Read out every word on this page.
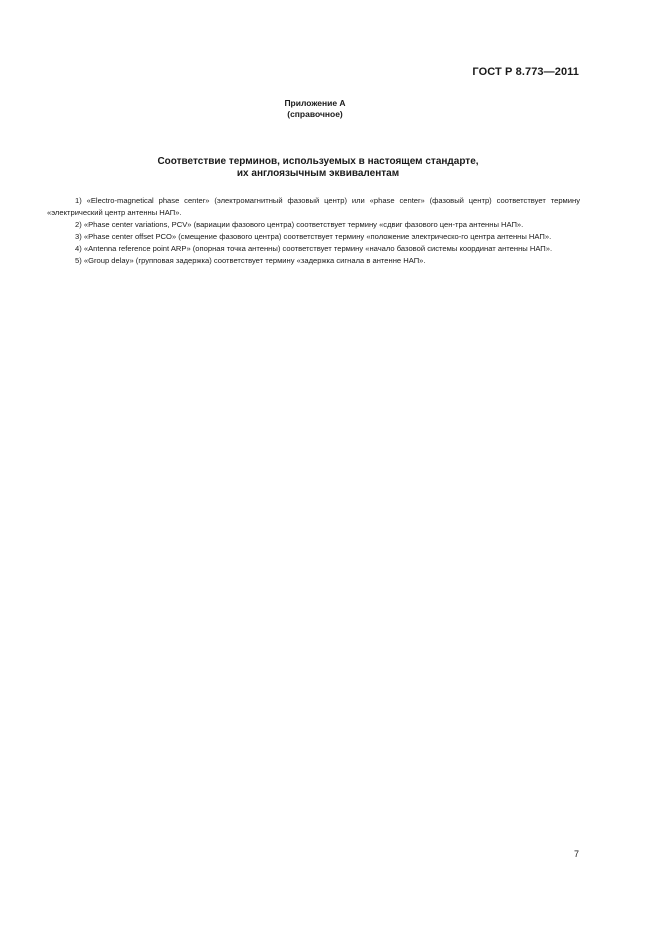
ГОСТ Р 8.773—2011
Приложение А
(справочное)
Соответствие терминов, используемых в настоящем стандарте,
их англоязычным эквивалентам

1) «Electro-magnetical phase center» (электромагнитный фазовый центр) или «phase center» (фазовый центр) соответствует термину «электрический центр антенны НАП».

2) «Phase center variations, PCV» (вариации фазового центра) соответствует термину «сдвиг фазового цен-тра антенны НАП».

3) «Phase center offset PCO» (смещение фазового центра) соответствует термину «положение электрическо-го центра антенны НАП».

4) «Antenna reference point ARP» (опорная точка антенны) соответствует термину «начало базовой системы координат антенны НАП».

5) «Group delay» (групповая задержка) соответствует термину «задержка сигнала в антенне НАП».

7
